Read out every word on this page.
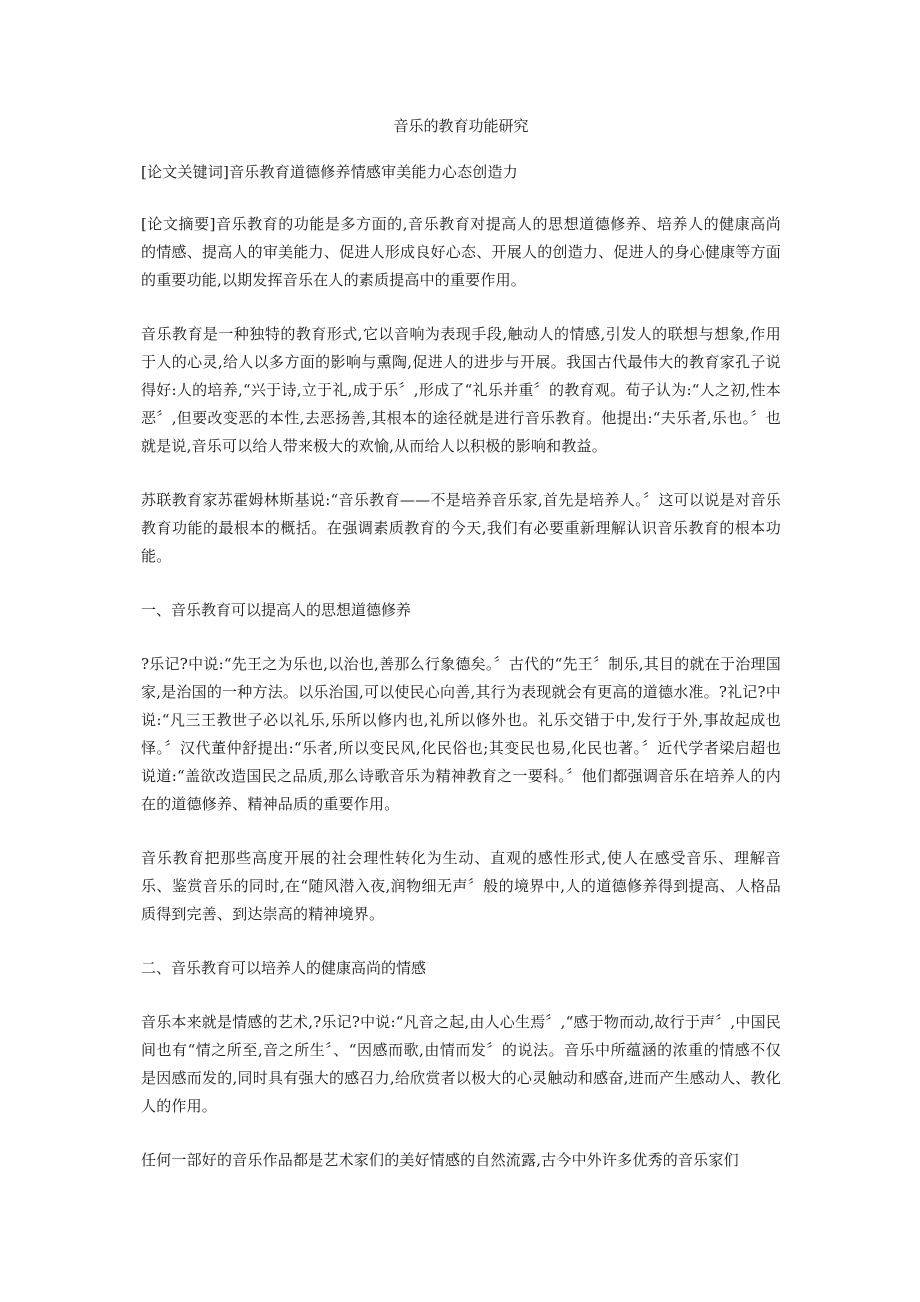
音乐的教育功能研究

[论文关键词]音乐教育道德修养情感审美能力心态创造力

[论文摘要]音乐教育的功能是多方面的,音乐教育对提高人的思想道德修养、培养人的健康高尚的情感、提高人的审美能力、促进人形成良好心态、开展人的创造力、促进人的身心健康等方面的重要功能,以期发挥音乐在人的素质提高中的重要作用。

音乐教育是一种独特的教育形式,它以音响为表现手段,触动人的情感,引发人的联想与想象,作用于人的心灵,给人以多方面的影响与熏陶,促进人的进步与开展。我国古代最伟大的教育家孔子说得好:人的培养,“兴于诗,立于礼,成于乐〞,形成了“礼乐并重〞的教育观。荀子认为:“人之初,性本恶〞,但要改变恶的本性,去恶扬善,其根本的途径就是进行音乐教育。他提出:“夫乐者,乐也。〞也就是说,音乐可以给人带来极大的欢愉,从而给人以积极的影响和教益。

苏联教育家苏霍姆林斯基说:“音乐教育——不是培养音乐家,首先是培养人。〞这可以说是对音乐教育功能的最根本的概括。在强调素质教育的今天,我们有必要重新理解认识音乐教育的根本功能。

一、音乐教育可以提高人的思想道德修养

?乐记?中说:“先王之为乐也,以治也,善那么行象德矣。〞古代的“先王〞制乐,其目的就在于治理国家,是治国的一种方法。以乐治国,可以使民心向善,其行为表现就会有更高的道德水准。?礼记?中说:“凡三王教世子必以礼乐,乐所以修内也,礼所以修外也。礼乐交错于中,发行于外,事故起成也怿。〞汉代董仲舒提出:“乐者,所以变民风,化民俗也;其变民也易,化民也著。〞近代学者梁启超也说道:“盖欲改造国民之品质,那么诗歌音乐为精神教育之一要科。〞他们都强调音乐在培养人的内在的道德修养、精神品质的重要作用。

音乐教育把那些高度开展的社会理性转化为生动、直观的感性形式,使人在感受音乐、理解音乐、鉴赏音乐的同时,在“随风潜入夜,润物细无声〞般的境界中,人的道德修养得到提高、人格品质得到完善、到达崇高的精神境界。

二、音乐教育可以培养人的健康高尚的情感

音乐本来就是情感的艺术,?乐记?中说:“凡音之起,由人心生焉〞,“感于物而动,故行于声〞,中国民间也有“情之所至,音之所生〞、“因感而歌,由情而发〞的说法。音乐中所蕴涵的浓重的情感不仅是因感而发的,同时具有强大的感召力,给欣赏者以极大的心灵触动和感奋,进而产生感动人、教化人的作用。

任何一部好的音乐作品都是艺术家们的美好情感的自然流露,古今中外许多优秀的音乐家们
